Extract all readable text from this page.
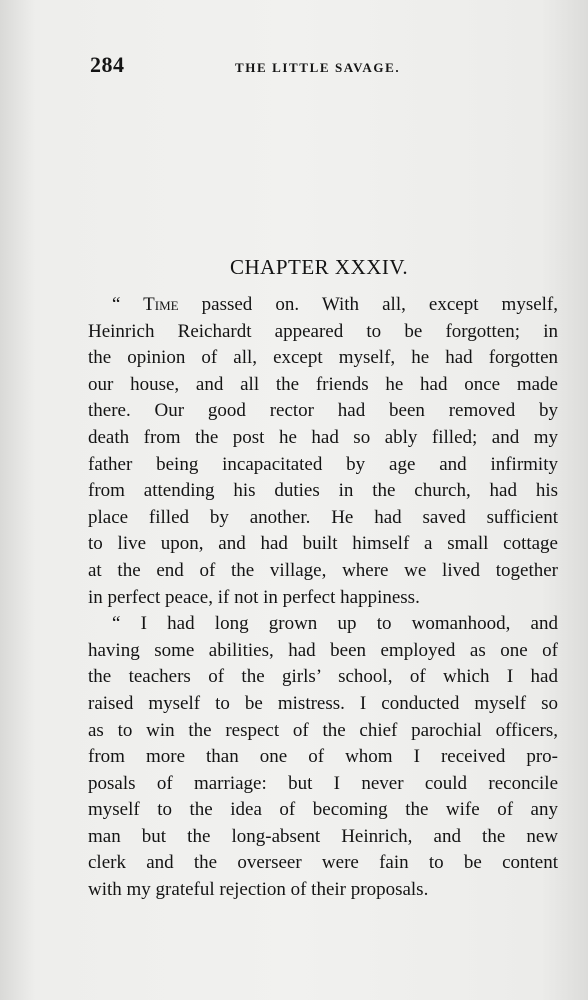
284	THE LITTLE SAVAGE.
CHAPTER XXXIV.
“ Time passed on. With all, except myself,
Heinrich Reichardt appeared to be forgotten; in
the opinion of all, except myself, he had forgotten
our house, and all the friends he had once made
there. Our good rector had been removed by
death from the post he had so ably filled; and my
father being incapacitated by age and infirmity
from attending his duties in the church, had his
place filled by another. He had saved sufficient
to live upon, and had built himself a small cottage
at the end of the village, where we lived together
in perfect peace, if not in perfect happiness.
“ I had long grown up to womanhood, and
having some abilities, had been employed as one of
the teachers of the girls’ school, of which I had
raised myself to be mistress. I conducted myself so
as to win the respect of the chief parochial officers,
from more than one of whom I received pro-
posals of marriage: but I never could reconcile
myself to the idea of becoming the wife of any
man but the long-absent Heinrich, and the new
clerk and the overseer were fain to be content
with my grateful rejection of their proposals.
